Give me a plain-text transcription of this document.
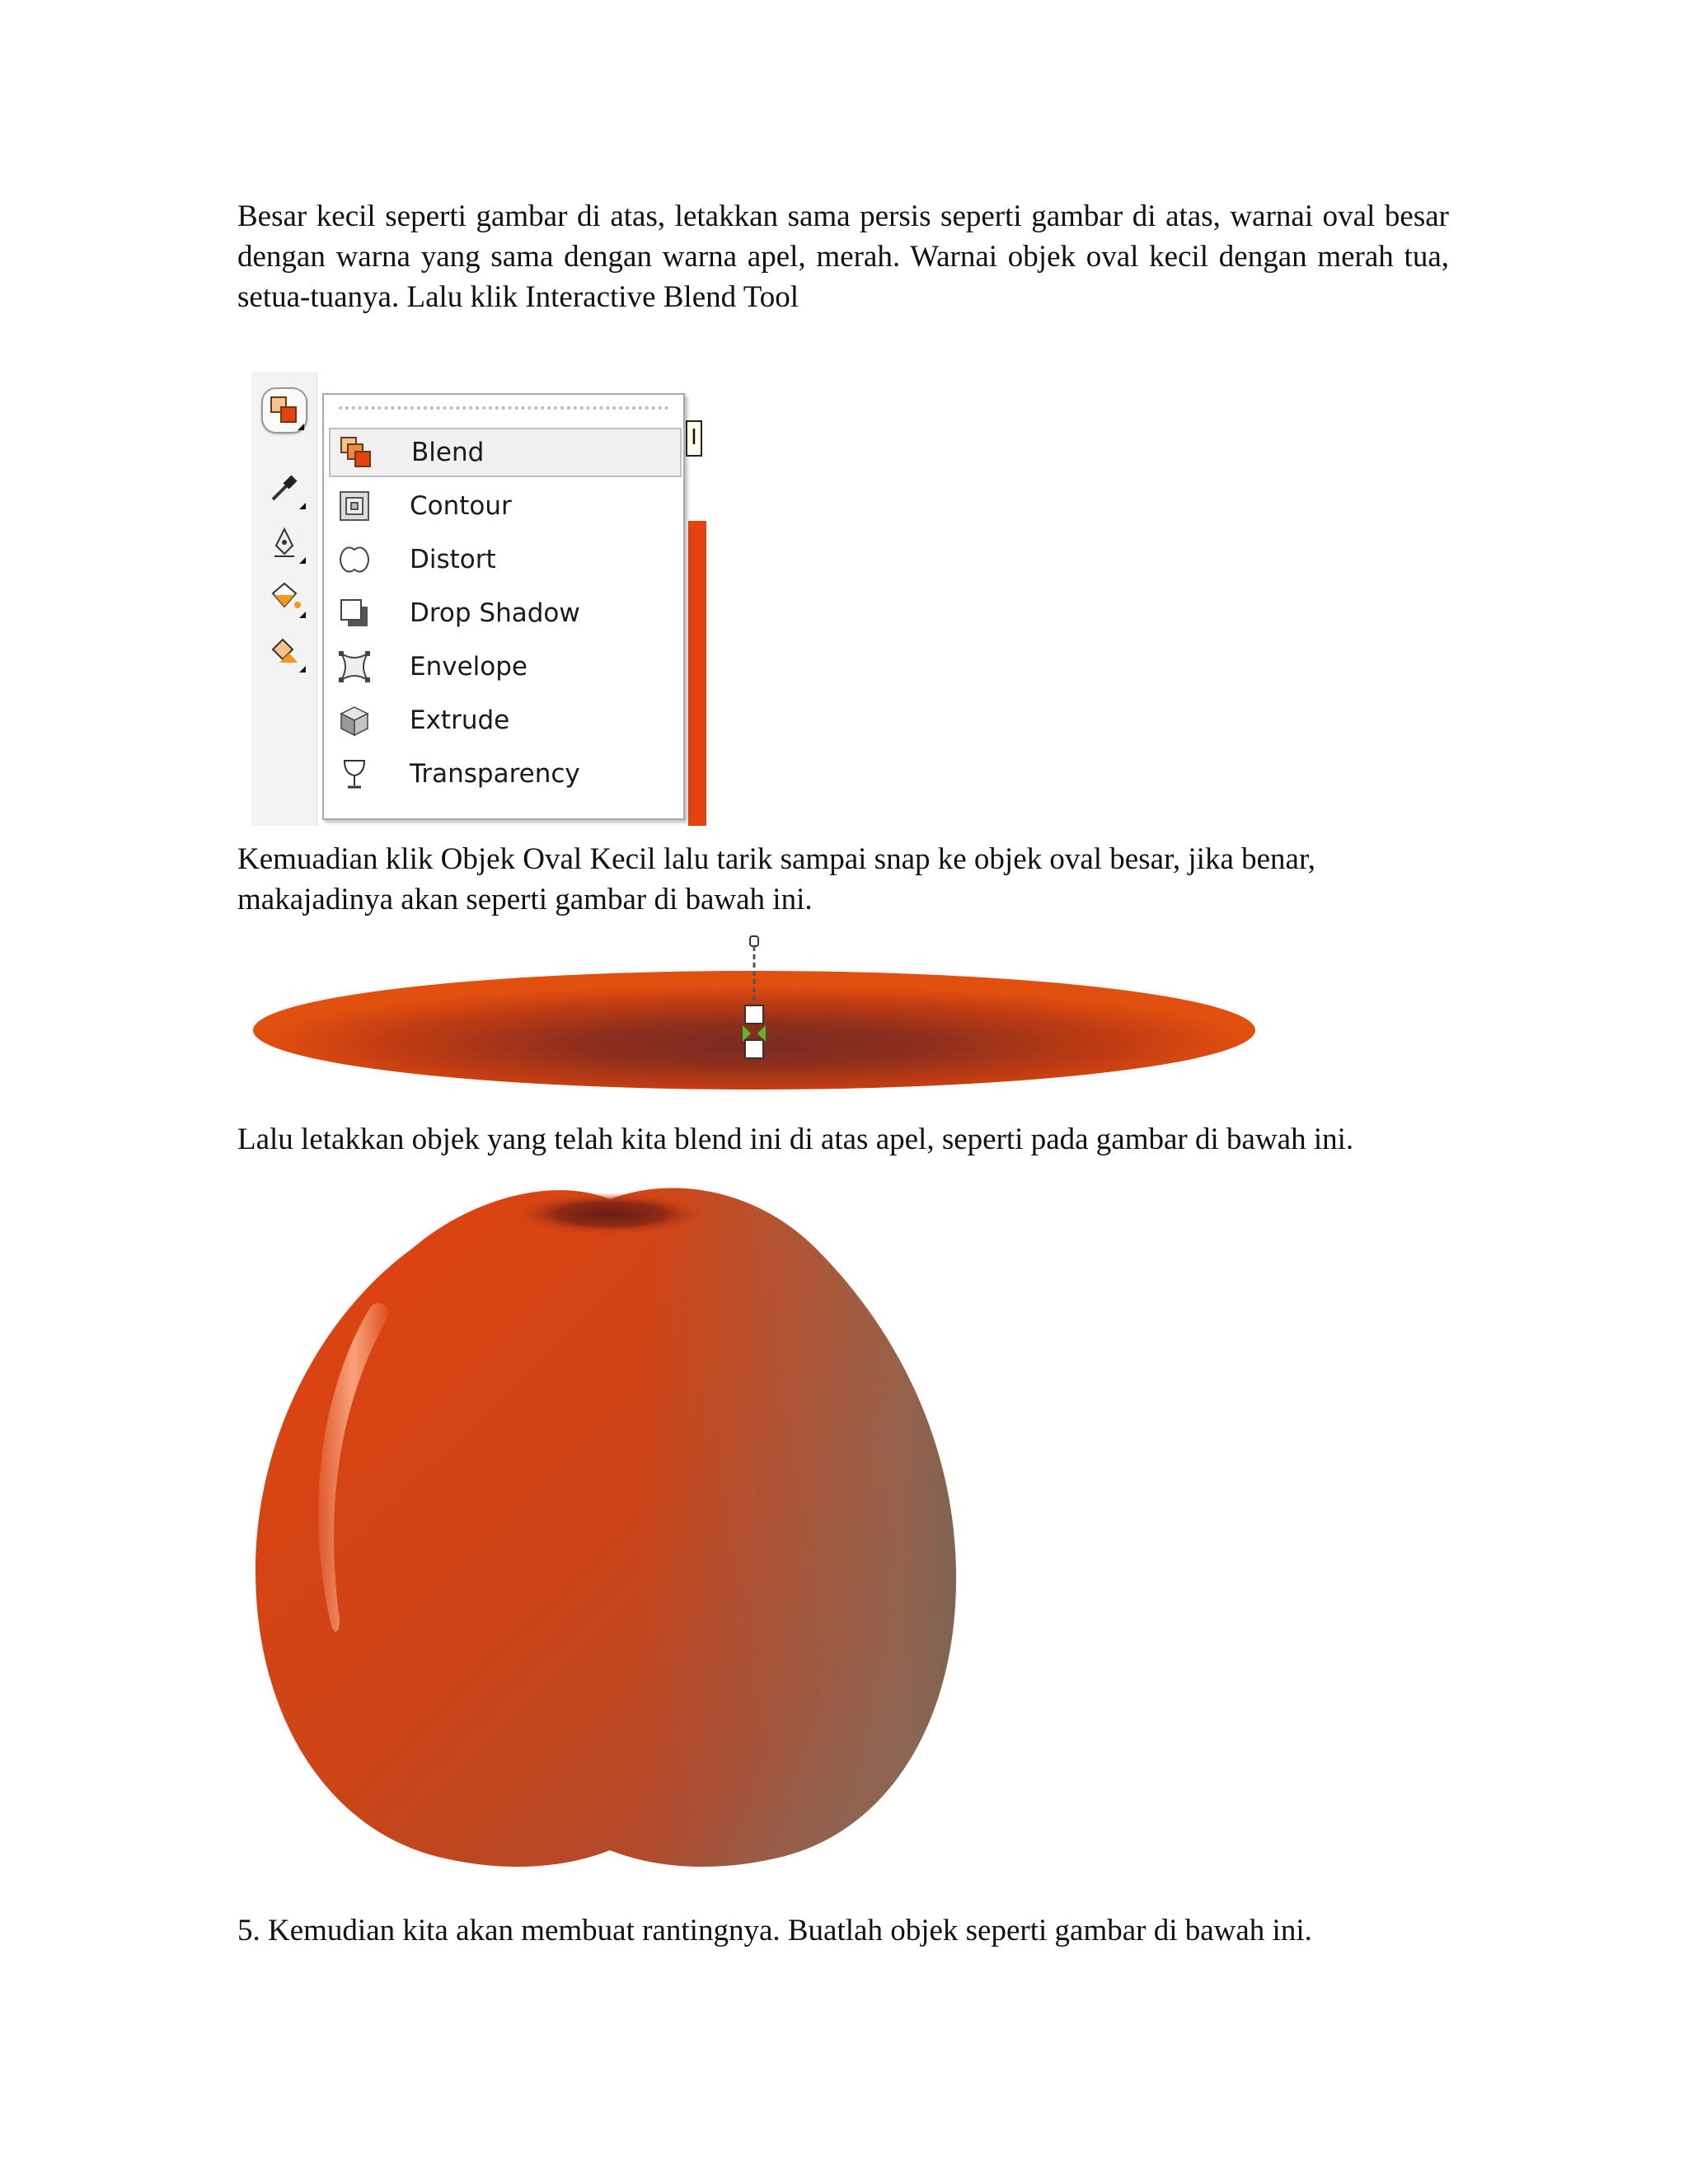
Besar kecil seperti gambar di atas, letakkan sama persis seperti gambar di atas, warnai oval besar dengan warna yang sama dengan warna apel, merah. Warnai objek oval kecil dengan merah tua, setua-tuanya. Lalu klik Interactive Blend Tool

Blend
Contour
Distort
Drop Shadow
Envelope
Extrude
Transparency
I

Kemuadian klik Objek Oval Kecil lalu tarik sampai snap ke objek oval besar, jika benar, makajadinya akan seperti gambar di bawah ini.

Lalu letakkan objek yang telah kita blend ini di atas apel, seperti pada gambar di bawah ini.

5. Kemudian kita akan membuat rantingnya. Buatlah objek seperti gambar di bawah ini.
